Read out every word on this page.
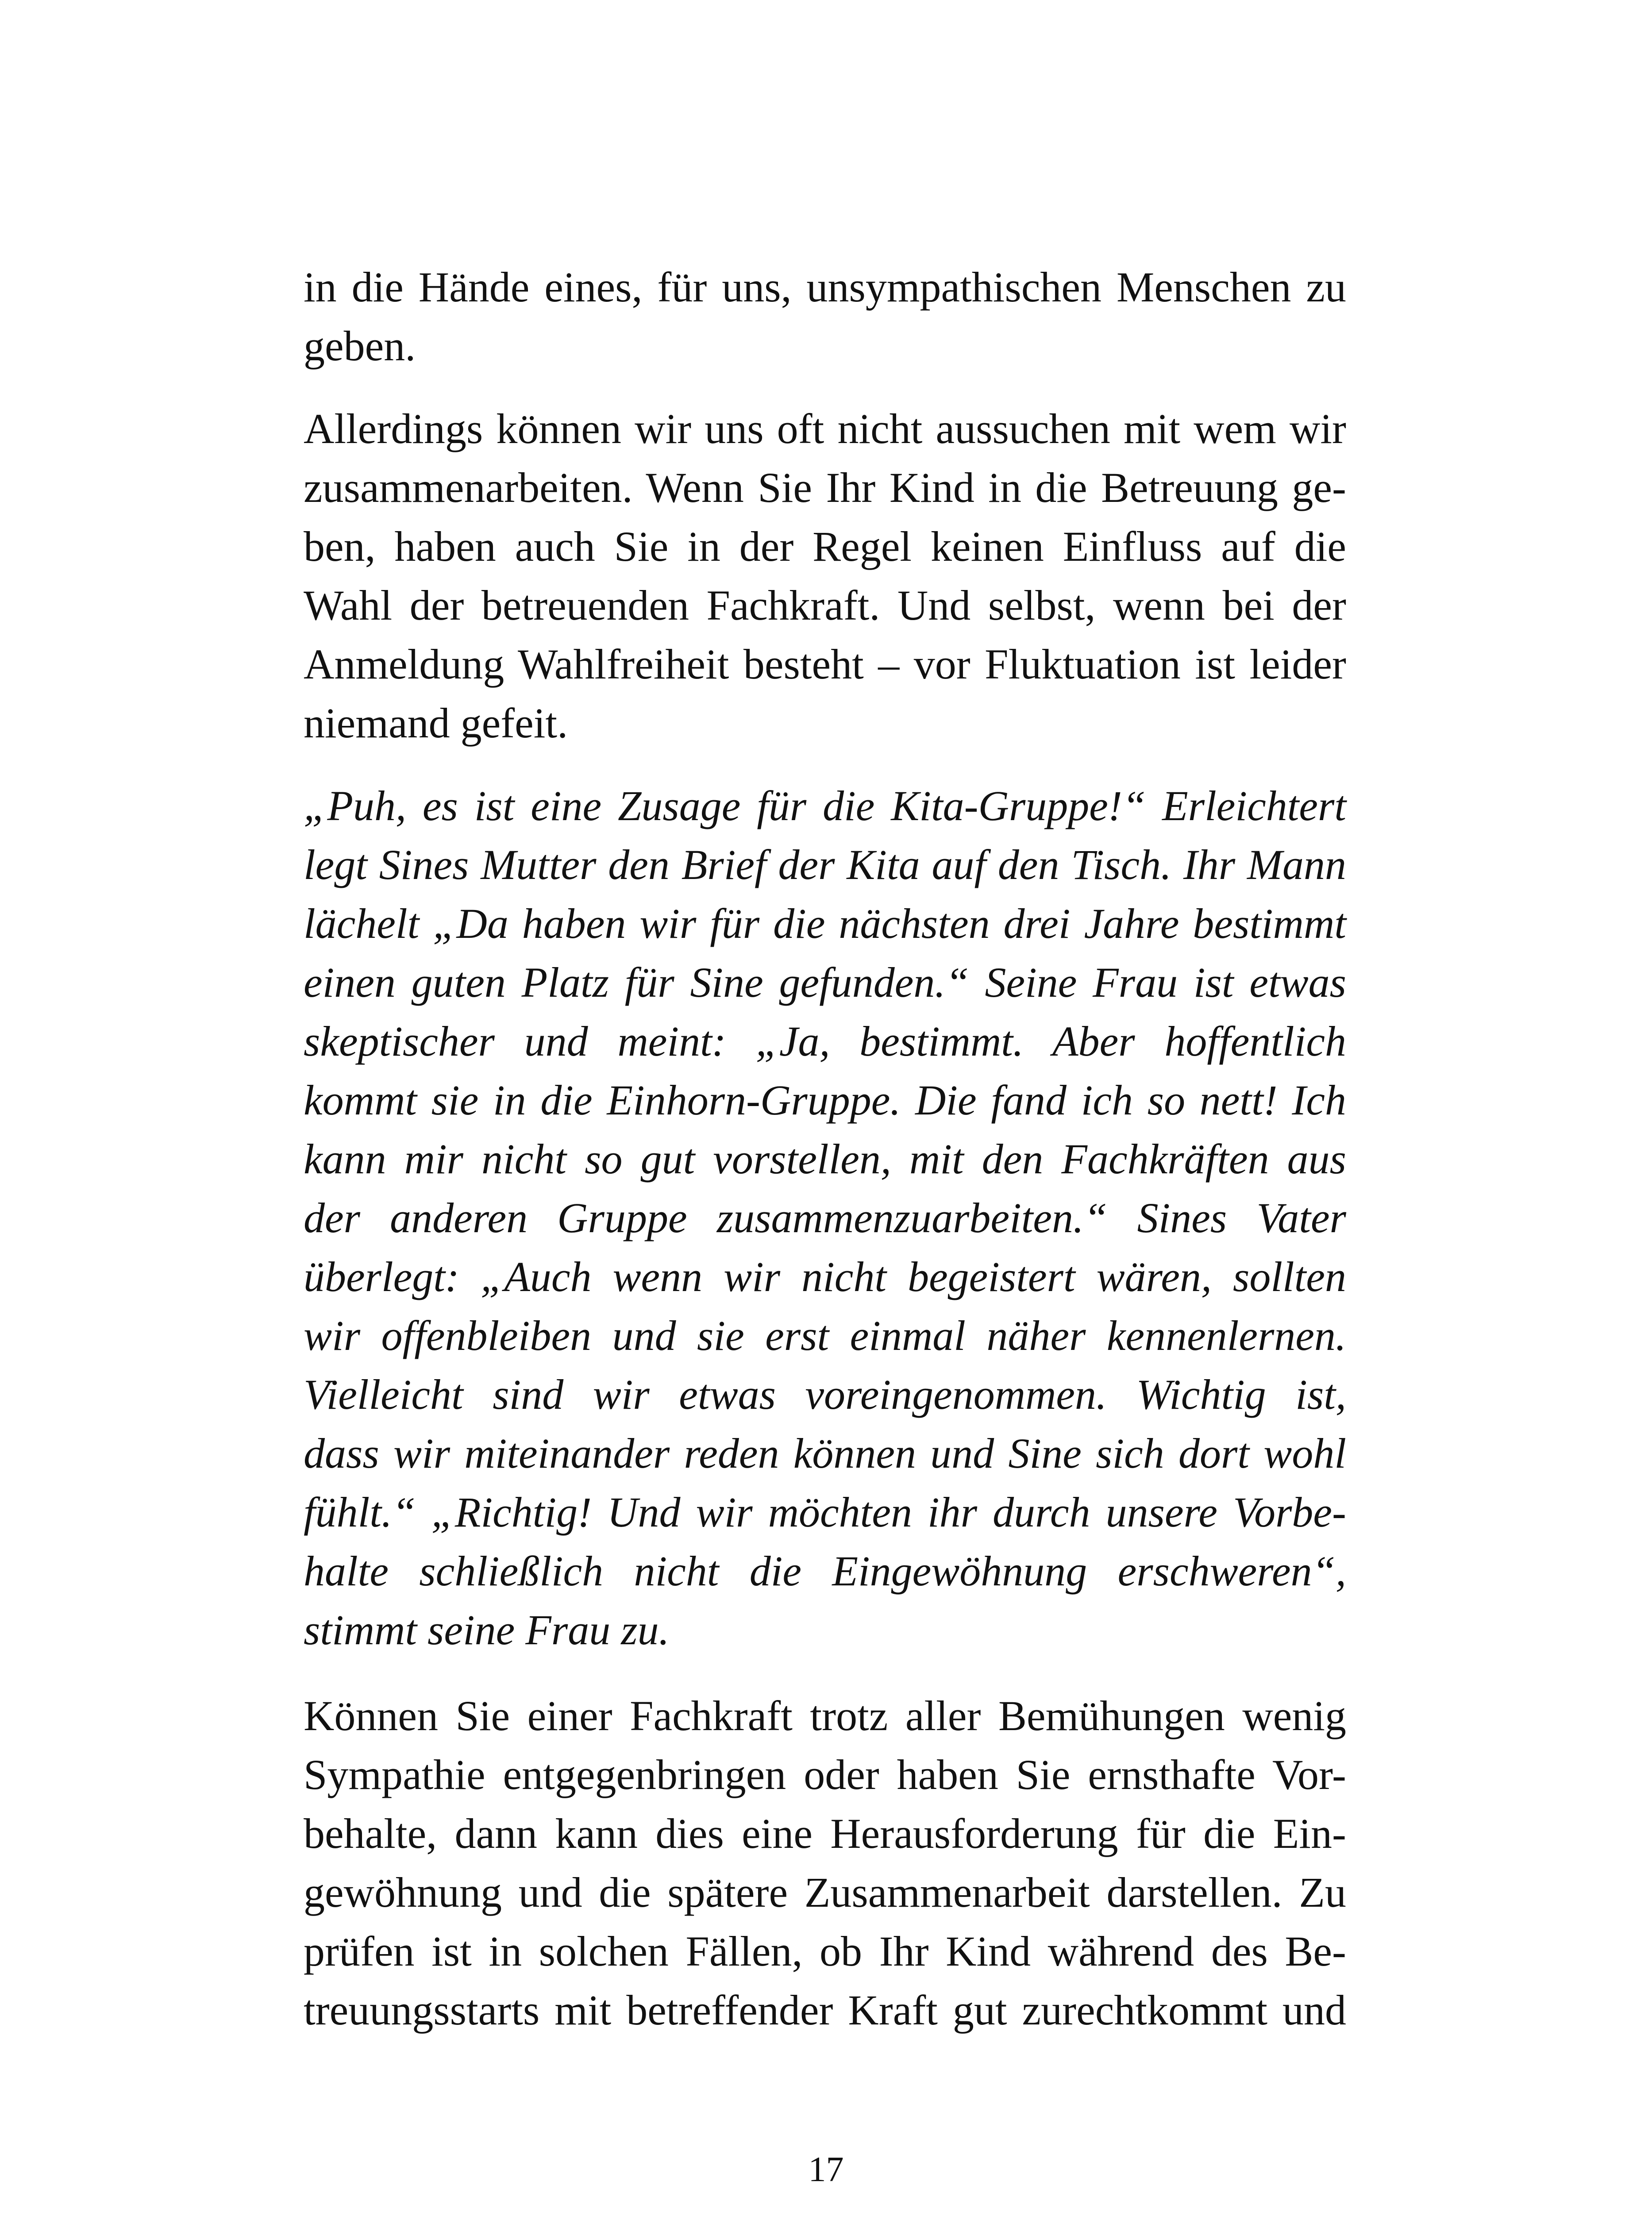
in die Hände eines, für uns, unsympathischen Menschen zu
geben.
Allerdings können wir uns oft nicht aussuchen mit wem wir
zusammenarbeiten. Wenn Sie Ihr Kind in die Betreuung ge-
ben, haben auch Sie in der Regel keinen Einfluss auf die
Wahl der betreuenden Fachkraft. Und selbst, wenn bei der
Anmeldung Wahlfreiheit besteht – vor Fluktuation ist leider
niemand gefeit.
„Puh, es ist eine Zusage für die Kita-Gruppe!“ Erleichtert
legt Sines Mutter den Brief der Kita auf den Tisch. Ihr Mann
lächelt „Da haben wir für die nächsten drei Jahre bestimmt
einen guten Platz für Sine gefunden.“ Seine Frau ist etwas
skeptischer und meint: „Ja, bestimmt. Aber hoffentlich
kommt sie in die Einhorn-Gruppe. Die fand ich so nett! Ich
kann mir nicht so gut vorstellen, mit den Fachkräften aus
der anderen Gruppe zusammenzuarbeiten.“ Sines Vater
überlegt: „Auch wenn wir nicht begeistert wären, sollten
wir offenbleiben und sie erst einmal näher kennenlernen.
Vielleicht sind wir etwas voreingenommen. Wichtig ist,
dass wir miteinander reden können und Sine sich dort wohl
fühlt.“ „Richtig! Und wir möchten ihr durch unsere Vorbe-
halte schließlich nicht die Eingewöhnung erschweren“,
stimmt seine Frau zu.
Können Sie einer Fachkraft trotz aller Bemühungen wenig
Sympathie entgegenbringen oder haben Sie ernsthafte Vor-
behalte, dann kann dies eine Herausforderung für die Ein-
gewöhnung und die spätere Zusammenarbeit darstellen. Zu
prüfen ist in solchen Fällen, ob Ihr Kind während des Be-
treuungsstarts mit betreffender Kraft gut zurechtkommt und
17
